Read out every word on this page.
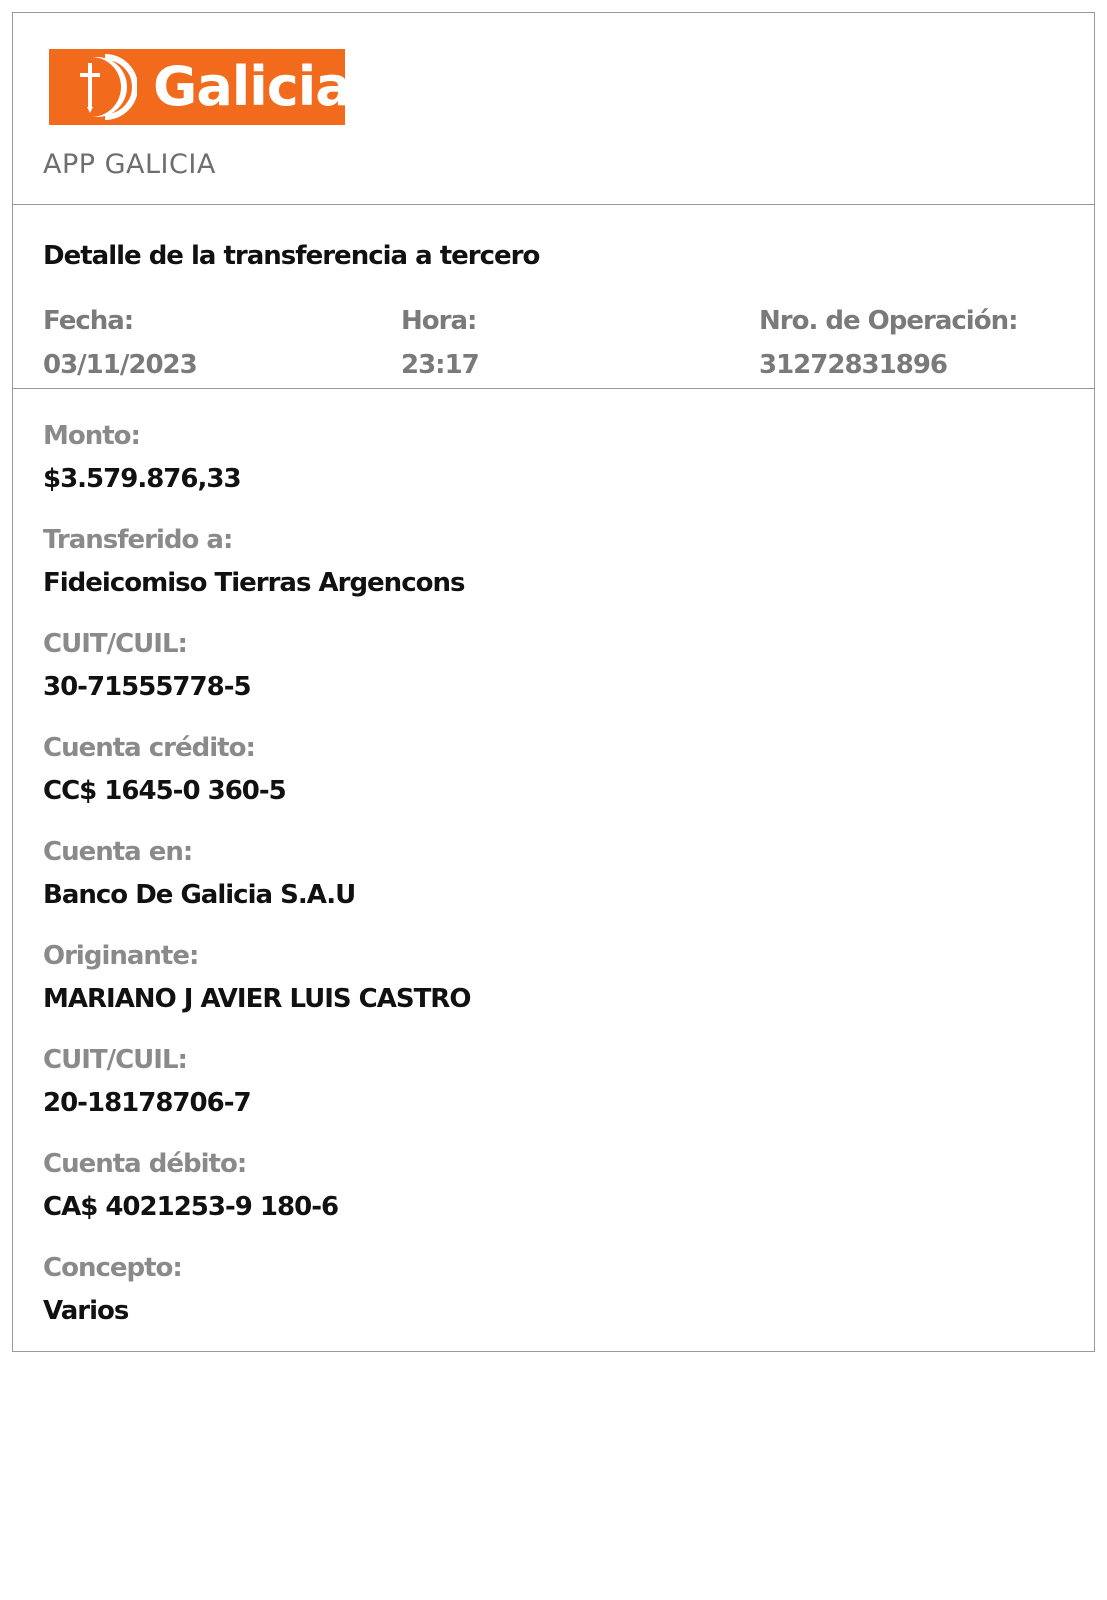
Galicia
APP GALICIA
Detalle de la transferencia a tercero
Fecha:
03/11/2023
Hora:
23:17
Nro. de Operación:
31272831896
Monto:
$3.579.876,33
Transferido a:
Fideicomiso Tierras Argencons
CUIT/CUIL:
30-71555778-5
Cuenta crédito:
CC$ 1645-0 360-5
Cuenta en:
Banco De Galicia S.A.U
Originante:
MARIANO J AVIER LUIS CASTRO
CUIT/CUIL:
20-18178706-7
Cuenta débito:
CA$ 4021253-9 180-6
Concepto:
Varios
